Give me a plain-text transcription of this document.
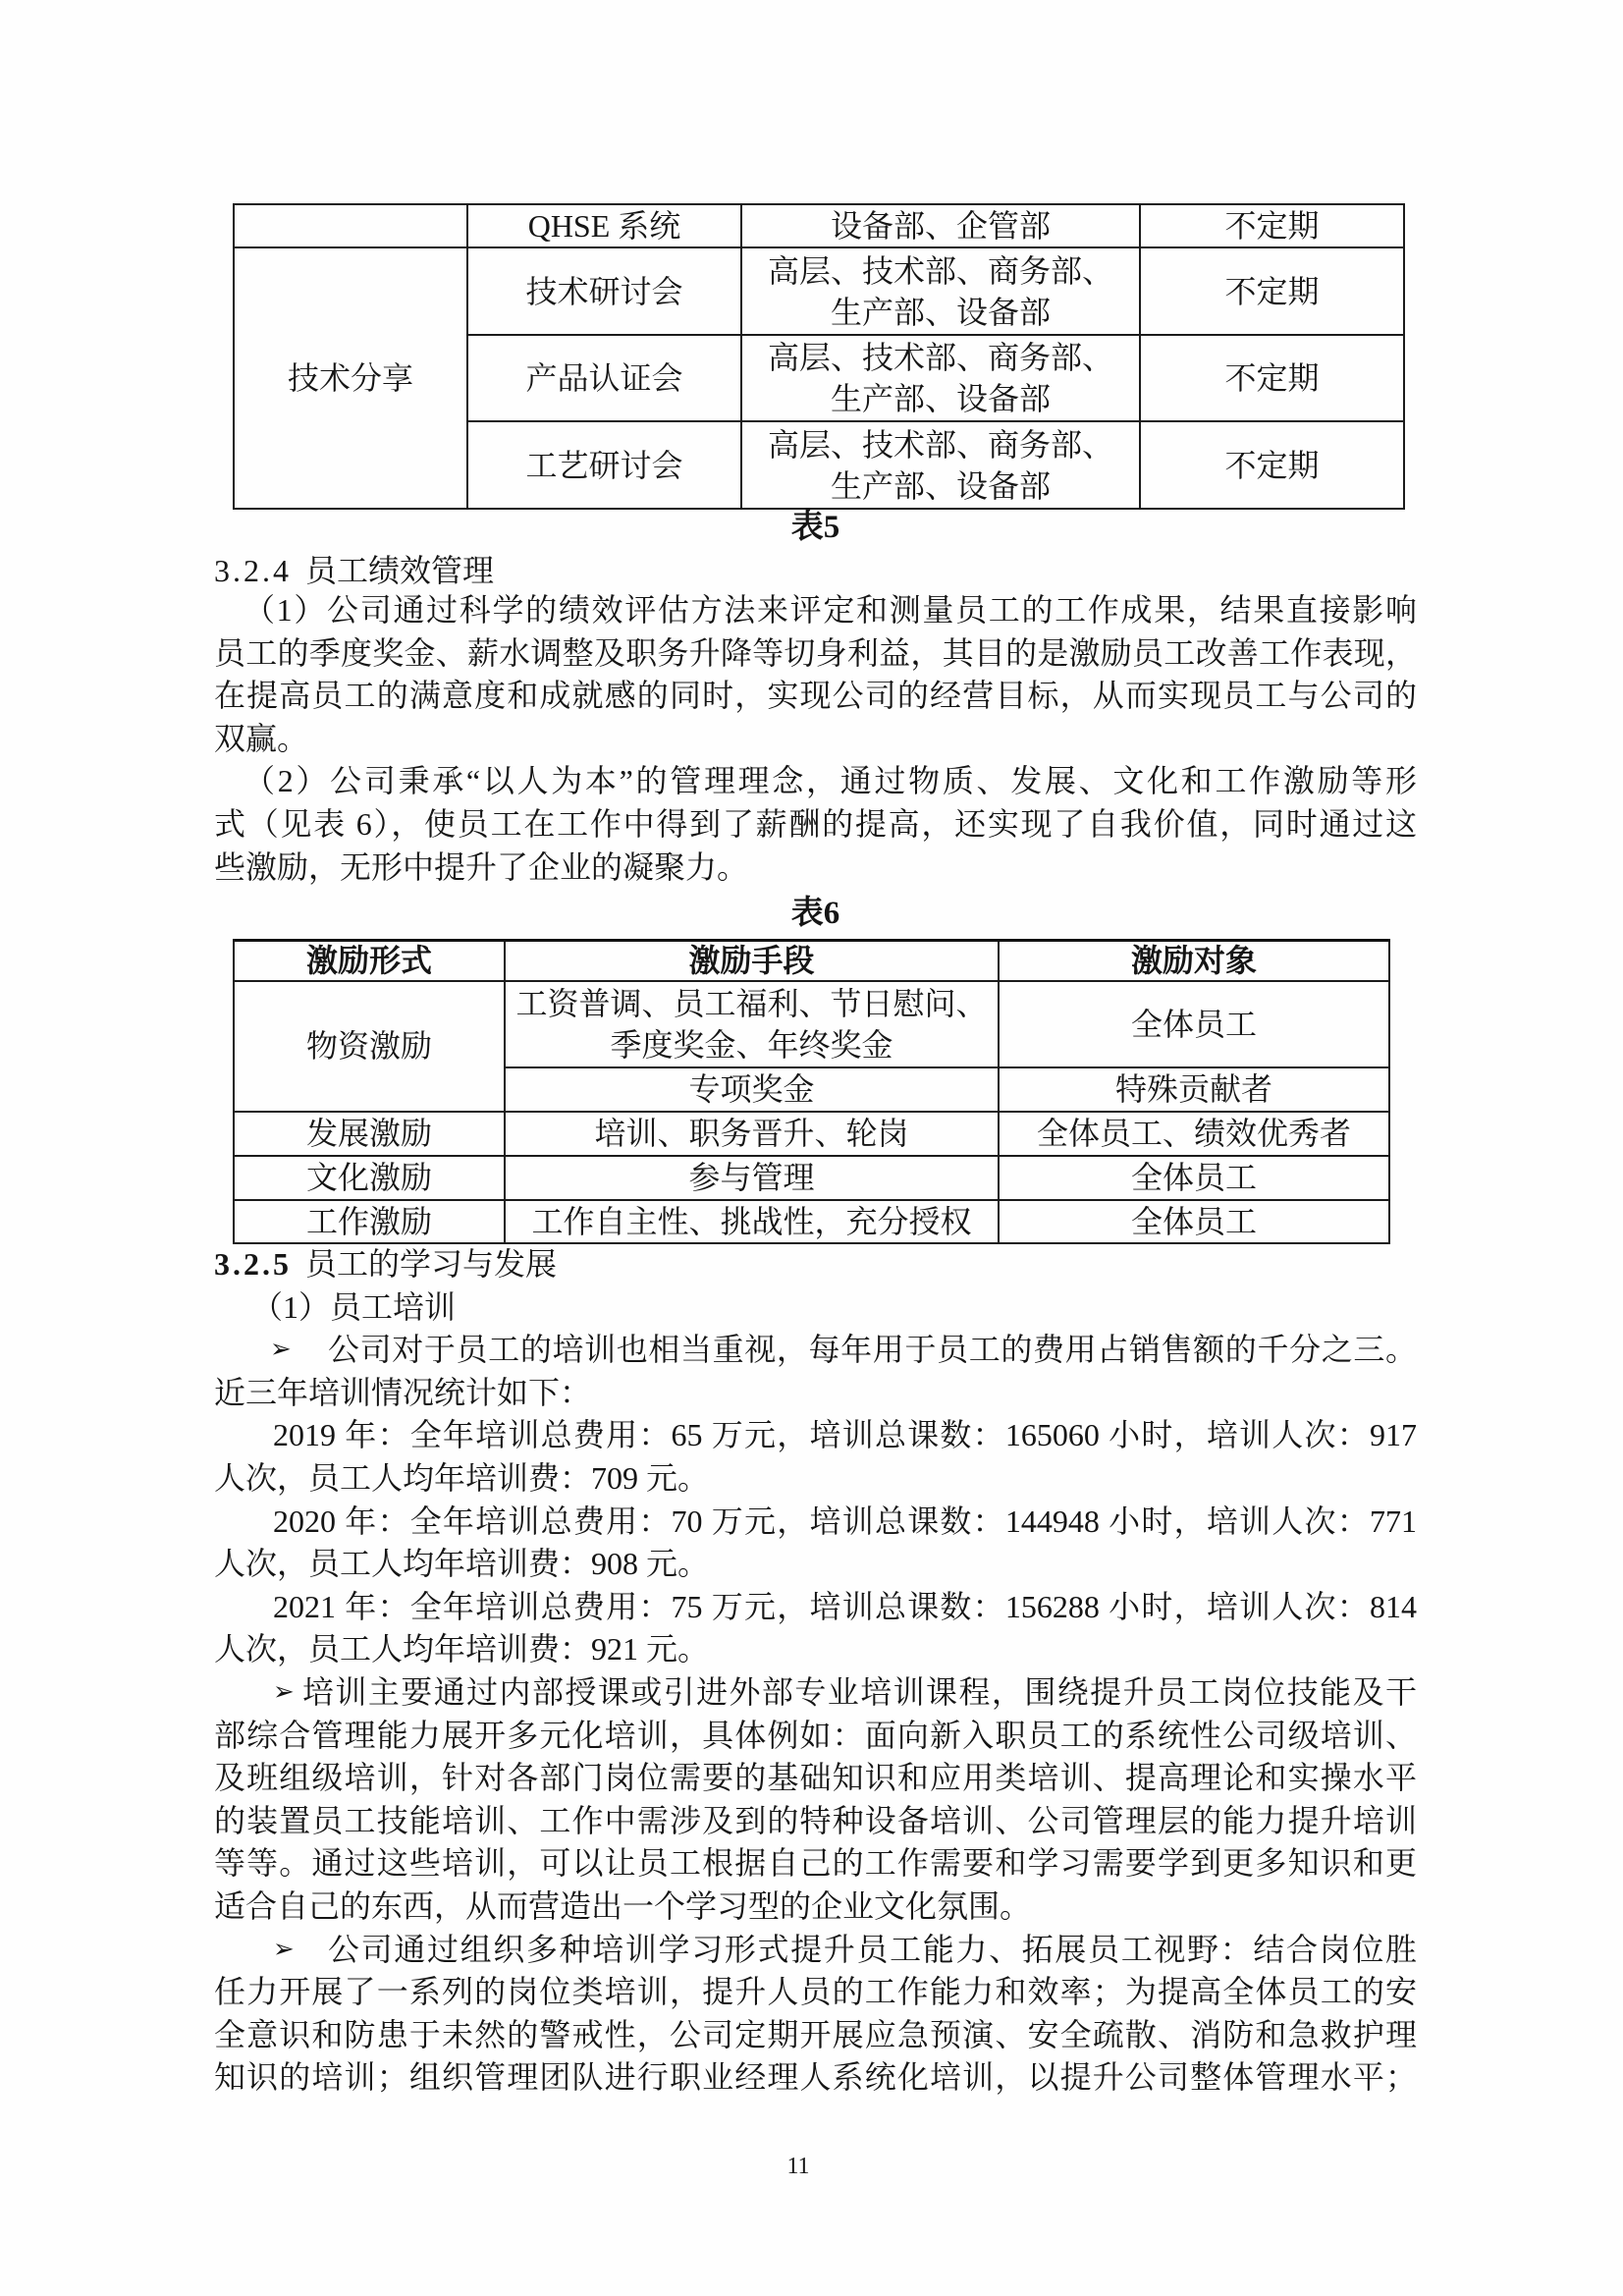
	QHSE 系统	设备部、企管部	不定期
技术分享	技术研讨会	高层、技术部、商务部、
生产部、设备部	不定期
	产品认证会	高层、技术部、商务部、
生产部、设备部	不定期
	工艺研讨会	高层、技术部、商务部、
生产部、设备部	不定期
表5
3.2.4 员工绩效管理
（1）公司通过科学的绩效评估方法来评定和测量员工的工作成果，结果直接影响
员工的季度奖金、薪水调整及职务升降等切身利益，其目的是激励员工改善工作表现，
在提高员工的满意度和成就感的同时，实现公司的经营目标，从而实现员工与公司的
双赢。
（2）公司秉承“以人为本”的管理理念，通过物质、发展、文化和工作激励等形
式（见表 6），使员工在工作中得到了薪酬的提高，还实现了自我价值，同时通过这
些激励，无形中提升了企业的凝聚力。
表6
激励形式	激励手段	激励对象
物资激励	工资普调、员工福利、节日慰问、
季度奖金、年终奖金	全体员工

	专项奖金	特殊贡献者
发展激励	培训、职务晋升、轮岗	全体员工、绩效优秀者
文化激励	参与管理	全体员工
工作激励	工作自主性、挑战性，充分授权	全体员工
3.2.5 员工的学习与发展
（1）员工培训
➢ 公司对于员工的培训也相当重视，每年用于员工的费用占销售额的千分之三。
近三年培训情况统计如下：
2019 年：全年培训总费用：65 万元，培训总课数：165060 小时，培训人次：917
人次，员工人均年培训费：709 元。
2020 年：全年培训总费用：70 万元，培训总课数：144948 小时，培训人次：771
人次，员工人均年培训费：908 元。
2021 年：全年培训总费用：75 万元，培训总课数：156288 小时，培训人次：814
人次，员工人均年培训费：921 元。
➢ 培训主要通过内部授课或引进外部专业培训课程，围绕提升员工岗位技能及干
部综合管理能力展开多元化培训，具体例如：面向新入职员工的系统性公司级培训、
及班组级培训，针对各部门岗位需要的基础知识和应用类培训、提高理论和实操水平
的装置员工技能培训、工作中需涉及到的特种设备培训、公司管理层的能力提升培训
等等。通过这些培训，可以让员工根据自己的工作需要和学习需要学到更多知识和更
适合自己的东西，从而营造出一个学习型的企业文化氛围。
➢ 公司通过组织多种培训学习形式提升员工能力、拓展员工视野：结合岗位胜
任力开展了一系列的岗位类培训，提升人员的工作能力和效率；为提高全体员工的安
全意识和防患于未然的警戒性，公司定期开展应急预演、安全疏散、消防和急救护理
知识的培训；组织管理团队进行职业经理人系统化培训，以提升公司整体管理水平；
11
